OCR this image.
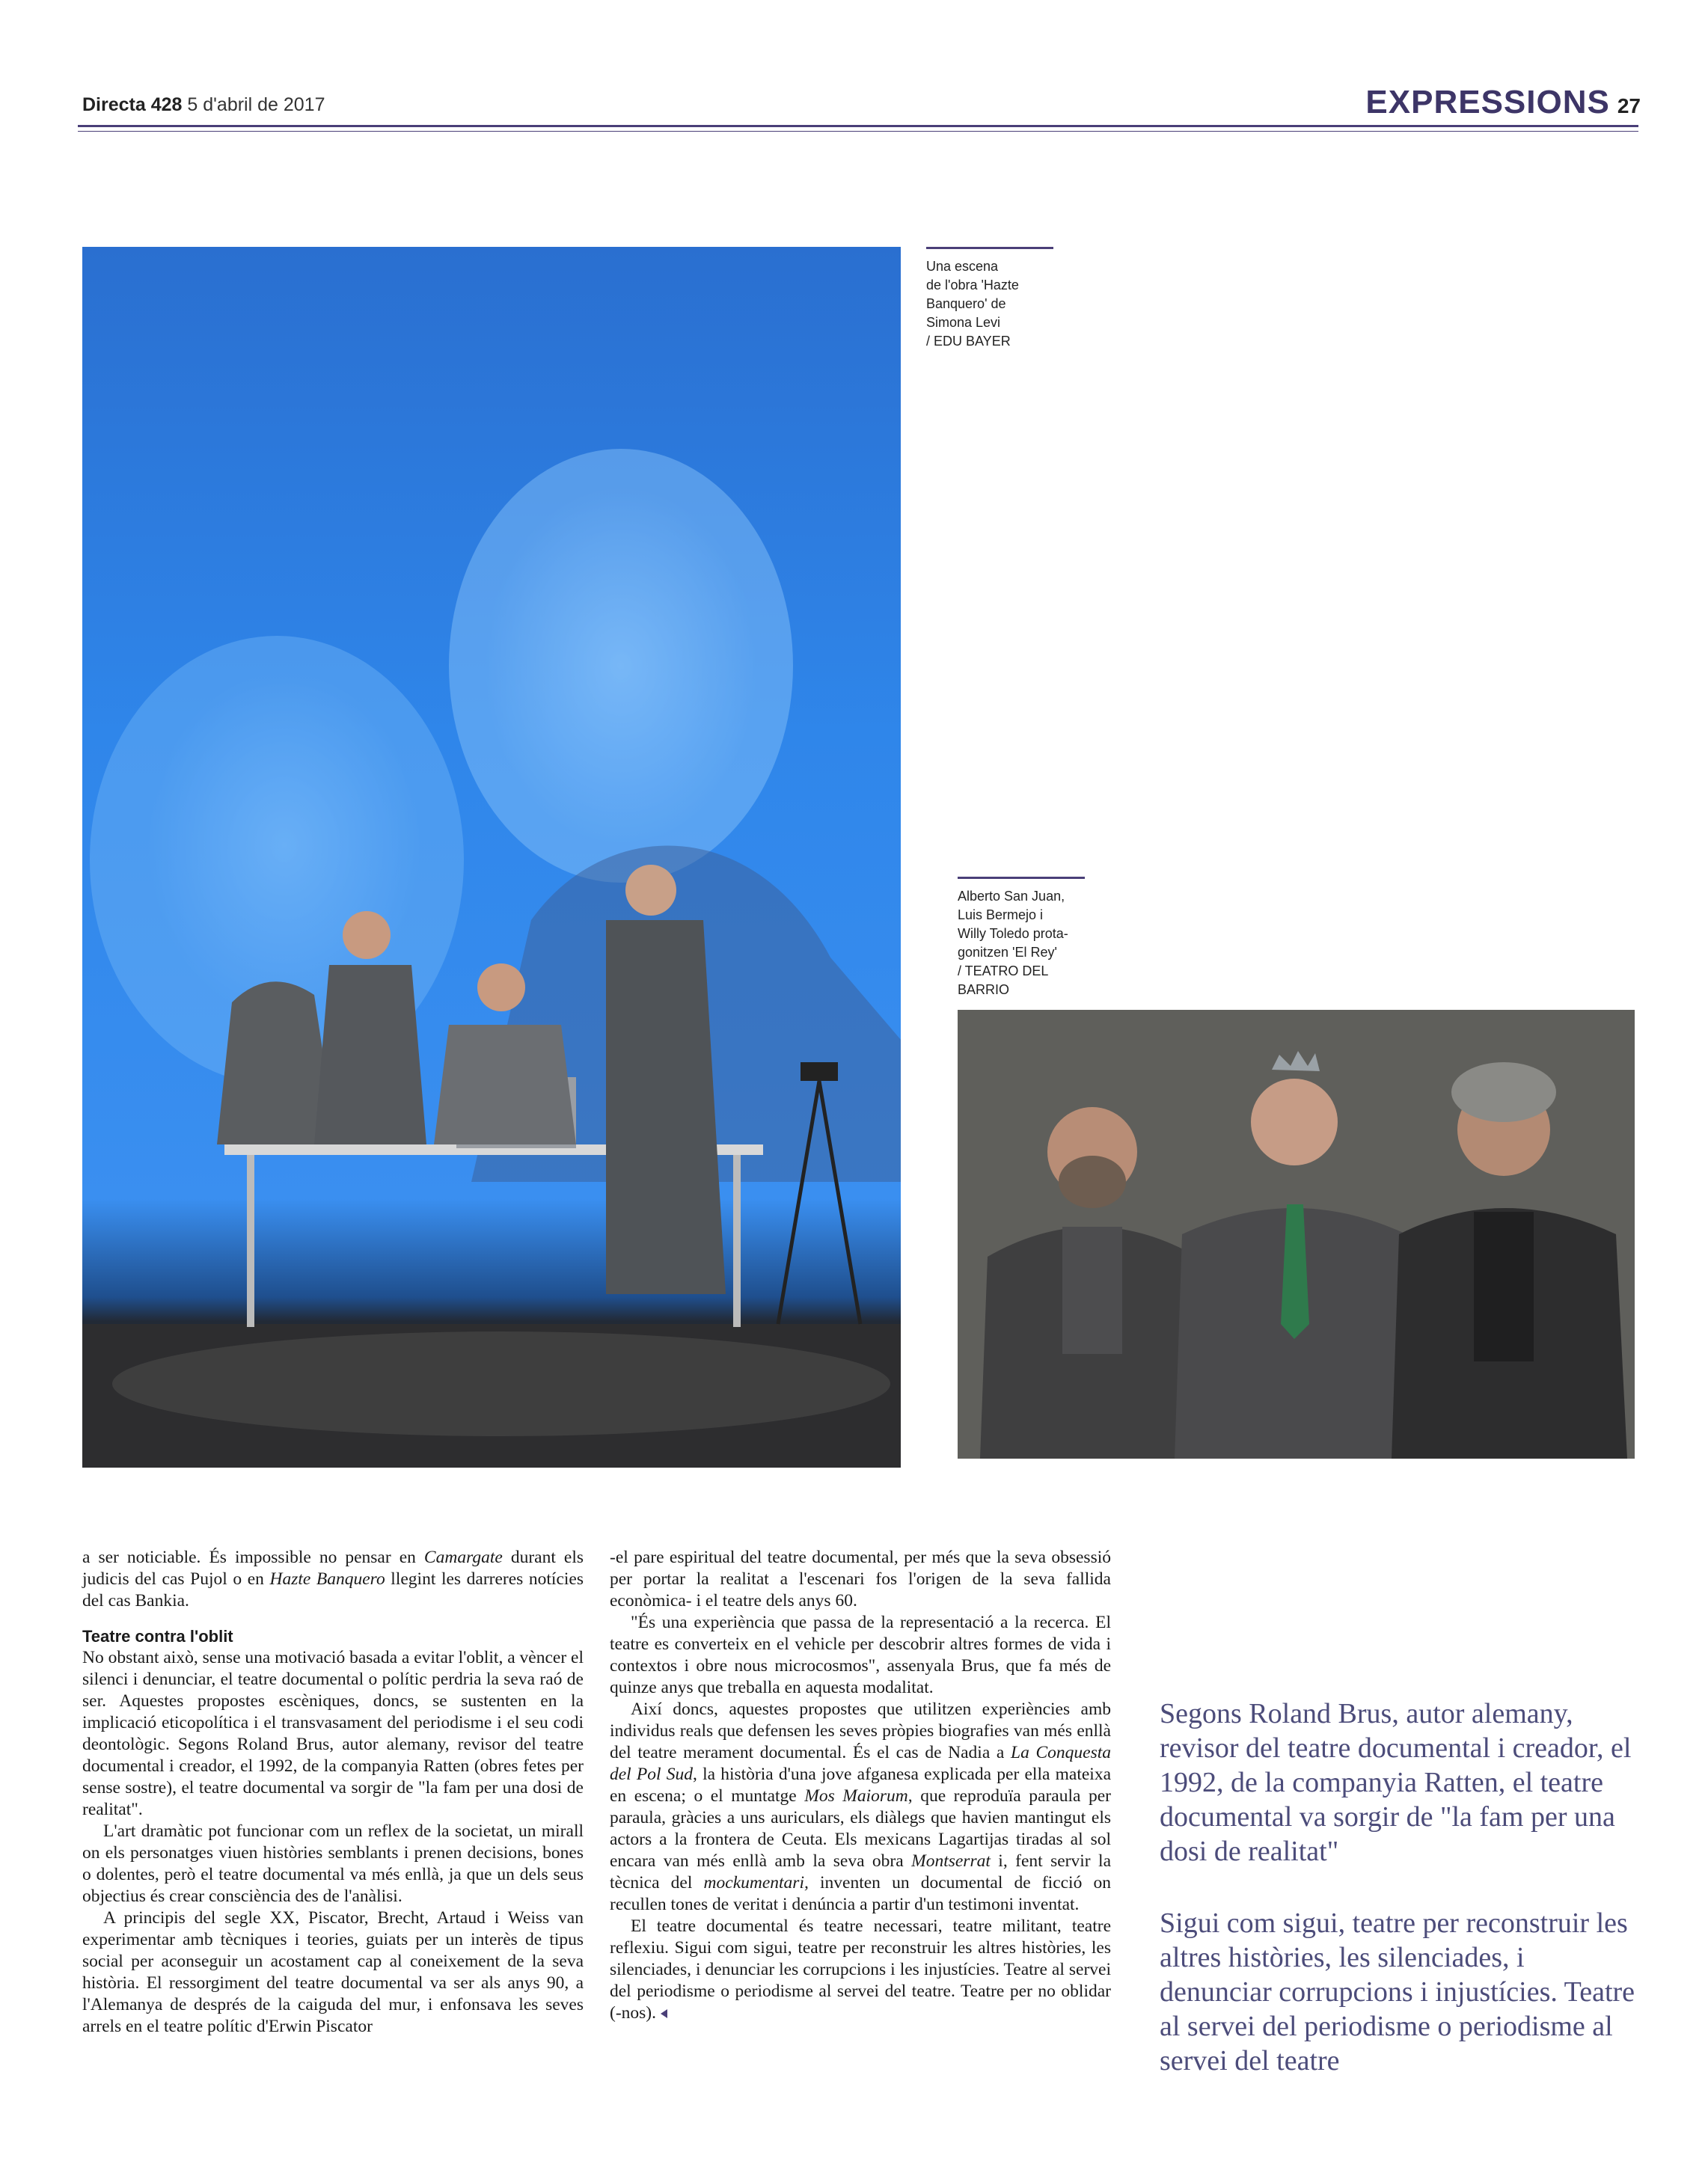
Directa 428 5 d'abril de 2017	EXPRESSIONS 27
Una escena
de l'obra 'Hazte
Banquero' de
Simona Levi
/ EDU BAYER
Alberto San Juan,
Luis Bermejo i
Willy Toledo prota-
gonitzen 'El Rey'
/ TEATRO DEL
BARRIO

a ser noticiable. És impossible no pensar en Camargate durant els judicis del cas Pujol o en Hazte Banquero llegint les darreres notícies del cas Bankia.

Teatre contra l'oblit

No obstant això, sense una motivació basada a evitar l'oblit, a vèncer el silenci i denunciar, el teatre documental o polític perdria la seva raó de ser. Aquestes propostes escèniques, doncs, se sustenten en la implicació eticopolítica i el transvasament del periodisme i el seu codi deontològic. Segons Roland Brus, autor alemany, revisor del teatre documental i creador, el 1992, de la companyia Ratten (obres fetes per sense sostre), el teatre documental va sorgir de "la fam per una dosi de realitat".

L'art dramàtic pot funcionar com un reflex de la societat, un mirall on els personatges viuen històries semblants i prenen decisions, bones o dolentes, però el teatre documental va més enllà, ja que un dels seus objectius és crear consciència des de l'anàlisi.

A principis del segle XX, Piscator, Brecht, Artaud i Weiss van experimentar amb tècniques i teories, guiats per un interès de tipus social per aconseguir un acostament cap al coneixement de la seva història. El ressorgiment del teatre documental va ser als anys 90, a l'Alemanya de després de la caiguda del mur, i enfonsava les seves arrels en el teatre polític d'Erwin Piscator

-el pare espiritual del teatre documental, per més que la seva obsessió per portar la realitat a l'escenari fos l'origen de la seva fallida econòmica- i el teatre dels anys 60.

"És una experiència que passa de la representació a la recerca. El teatre es converteix en el vehicle per descobrir altres formes de vida i contextos i obre nous microcosmos", assenyala Brus, que fa més de quinze anys que treballa en aquesta modalitat.

Així doncs, aquestes propostes que utilitzen experiències amb individus reals que defensen les seves pròpies biografies van més enllà del teatre merament documental. És el cas de Nadia a La Conquesta del Pol Sud, la història d'una jove afganesa explicada per ella mateixa en escena; o el muntatge Mos Maiorum, que reproduïa paraula per paraula, gràcies a uns auriculars, els diàlegs que havien mantingut els actors a la frontera de Ceuta. Els mexicans Lagartijas tiradas al sol encara van més enllà amb la seva obra Montserrat i, fent servir la tècnica del mockumentari, inventen un documental de ficció on recullen tones de veritat i denúncia a partir d'un testimoni inventat.

El teatre documental és teatre necessari, teatre militant, teatre reflexiu. Sigui com sigui, teatre per reconstruir les altres històries, les silenciades, i denunciar les corrupcions i les injustícies. Teatre al servei del periodisme o periodisme al servei del teatre. Teatre per no oblidar (-nos).

Segons Roland Brus, autor alemany, revisor del teatre documental i creador, el 1992, de la companyia Ratten, el teatre documental va sorgir de "la fam per una dosi de realitat"

Sigui com sigui, teatre per reconstruir les altres històries, les silenciades, i denunciar corrupcions i injustícies. Teatre al servei del periodisme o periodisme al servei del teatre
